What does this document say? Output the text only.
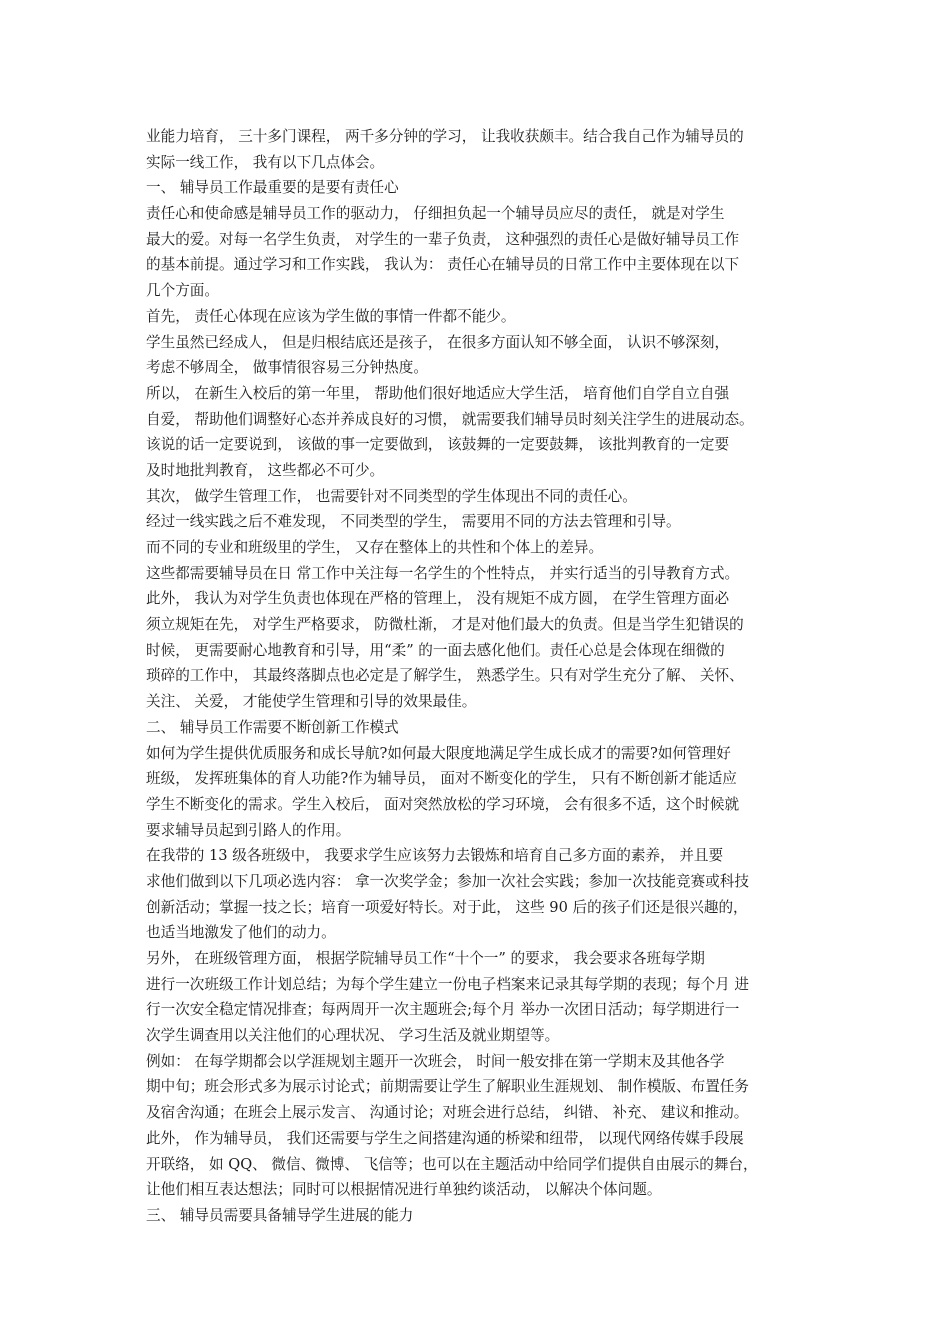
业能力培育， 三十多门课程， 两千多分钟的学习， 让我收获颇丰。结合我自己作为辅导员的
实际一线工作， 我有以下几点体会。
一、 辅导员工作最重要的是要有责任心
责任心和使命感是辅导员工作的驱动力， 仔细担负起一个辅导员应尽的责任， 就是对学生
最大的爱。对每一名学生负责， 对学生的一辈子负责， 这种强烈的责任心是做好辅导员工作
的基本前提。通过学习和工作实践， 我认为： 责任心在辅导员的日常工作中主要体现在以下
几个方面。
首先， 责任心体现在应该为学生做的事情一件都不能少。
学生虽然已经成人， 但是归根结底还是孩子， 在很多方面认知不够全面， 认识不够深刻，
考虑不够周全， 做事情很容易三分钟热度。
所以， 在新生入校后的第一年里， 帮助他们很好地适应大学生活， 培育他们自学自立自强
自爱， 帮助他们调整好心态并养成良好的习惯， 就需要我们辅导员时刻关注学生的进展动态。
该说的话一定要说到， 该做的事一定要做到， 该鼓舞的一定要鼓舞， 该批判教育的一定要
及时地批判教育， 这些都必不可少。
其次， 做学生管理工作， 也需要针对不同类型的学生体现出不同的责任心。
经过一线实践之后不难发现， 不同类型的学生， 需要用不同的方法去管理和引导。
而不同的专业和班级里的学生， 又存在整体上的共性和个体上的差异。
这些都需要辅导员在日 常工作中关注每一名学生的个性特点， 并实行适当的引导教育方式。
此外， 我认为对学生负责也体现在严格的管理上， 没有规矩不成方圆， 在学生管理方面必
须立规矩在先， 对学生严格要求， 防微杜渐， 才是对他们最大的负责。但是当学生犯错误的
时候， 更需要耐心地教育和引导，用“柔” 的一面去感化他们。责任心总是会体现在细微的
琐碎的工作中， 其最终落脚点也必定是了解学生， 熟悉学生。只有对学生充分了解、 关怀、
关注、 关爱， 才能使学生管理和引导的效果最佳。
二、 辅导员工作需要不断创新工作模式
如何为学生提供优质服务和成长导航?如何最大限度地满足学生成长成才的需要?如何管理好
班级， 发挥班集体的育人功能?作为辅导员， 面对不断变化的学生， 只有不断创新才能适应
学生不断变化的需求。学生入校后， 面对突然放松的学习环境， 会有很多不适，这个时候就
要求辅导员起到引路人的作用。
在我带的 13 级各班级中， 我要求学生应该努力去锻炼和培育自己多方面的素养， 并且要
求他们做到以下几项必选内容： 拿一次奖学金；参加一次社会实践；参加一次技能竞赛或科技
创新活动；掌握一技之长；培育一项爱好特长。对于此， 这些 90 后的孩子们还是很兴趣的，
也适当地激发了他们的动力。
另外， 在班级管理方面， 根据学院辅导员工作“十个一” 的要求， 我会要求各班每学期
进行一次班级工作计划总结；为每个学生建立一份电子档案来记录其每学期的表现；每个月 进
行一次安全稳定情况排查；每两周开一次主题班会;每个月 举办一次团日活动；每学期进行一
次学生调查用以关注他们的心理状况、 学习生活及就业期望等。
例如： 在每学期都会以学涯规划主题开一次班会， 时间一般安排在第一学期末及其他各学
期中旬；班会形式多为展示讨论式；前期需要让学生了解职业生涯规划、 制作模版、布置任务
及宿舍沟通；在班会上展示发言、 沟通讨论；对班会进行总结， 纠错、 补充、 建议和推动。
此外， 作为辅导员， 我们还需要与学生之间搭建沟通的桥梁和纽带， 以现代网络传媒手段展
开联络， 如 QQ、 微信、微博、 飞信等；也可以在主题活动中给同学们提供自由展示的舞台，
让他们相互表达想法；同时可以根据情况进行单独约谈活动， 以解决个体问题。
三、 辅导员需要具备辅导学生进展的能力
